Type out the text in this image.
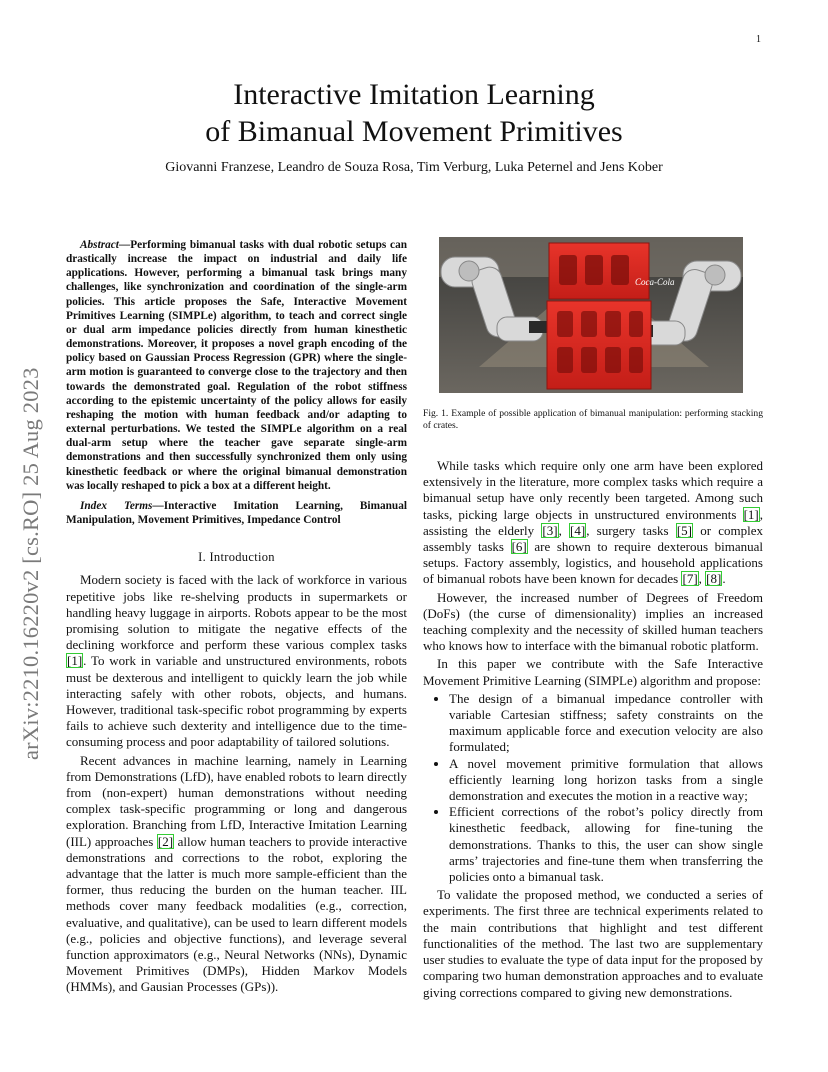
1
arXiv:2210.16220v2 [cs.RO] 25 Aug 2023
Interactive Imitation Learning
of Bimanual Movement Primitives
Giovanni Franzese, Leandro de Souza Rosa, Tim Verburg, Luka Peternel and Jens Kober

Abstract—Performing bimanual tasks with dual robotic setups can drastically increase the impact on industrial and daily life applications. However, performing a bimanual task brings many challenges, like synchronization and coordination of the single-arm policies. This article proposes the Safe, Interactive Movement Primitives Learning (SIMPLe) algorithm, to teach and correct single or dual arm impedance policies directly from human kinesthetic demonstrations. Moreover, it proposes a novel graph encoding of the policy based on Gaussian Process Regression (GPR) where the single-arm motion is guaranteed to converge close to the trajectory and then towards the demonstrated goal. Regulation of the robot stiffness according to the epistemic uncertainty of the policy allows for easily reshaping the motion with human feedback and/or adapting to external perturbations. We tested the SIMPLe algorithm on a real dual-arm setup where the teacher gave separate single-arm demonstrations and then successfully synchronized them only using kinesthetic feedback or where the original bimanual demonstration was locally reshaped to pick a box at a different height.

Index Terms—Interactive Imitation Learning, Bimanual Manipulation, Movement Primitives, Impedance Control

I. Introduction

Modern society is faced with the lack of workforce in various repetitive jobs like re-shelving products in supermarkets or handling heavy luggage in airports. Robots appear to be the most promising solution to mitigate the negative effects of the declining workforce and perform these various complex tasks [1]. To work in variable and unstructured environments, robots must be dexterous and intelligent to quickly learn the job while interacting safely with other robots, objects, and humans. However, traditional task-specific robot programming by experts fails to achieve such dexterity and intelligence due to the time-consuming process and poor adaptability of tailored solutions.

Recent advances in machine learning, namely in Learning from Demonstrations (LfD), have enabled robots to learn directly from (non-expert) human demonstrations without needing complex task-specific programming or long and dangerous exploration. Branching from LfD, Interactive Imitation Learning (IIL) approaches [2] allow human teachers to provide interactive demonstrations and corrections to the robot, exploring the advantage that the latter is much more sample-efficient than the former, thus reducing the burden on the human teacher. IIL methods cover many feedback modalities (e.g., correction, evaluative, and qualitative), can be used to learn different models (e.g., policies and objective functions), and leverage several function approximators (e.g., Neural Networks (NNs), Dynamic Movement Primitives (DMPs), Hidden Markov Models (HMMs), and Gausian Processes (GPs)).

Coca-Cola
Fig. 1. Example of possible application of bimanual manipulation: performing stacking of crates.

While tasks which require only one arm have been explored extensively in the literature, more complex tasks which require a bimanual setup have only recently been targeted. Among such tasks, picking large objects in unstructured environments [1], assisting the elderly [3], [4], surgery tasks [5] or complex assembly tasks [6] are shown to require dexterous bimanual setups. Factory assembly, logistics, and household applications of bimanual robots have been known for decades [7], [8].

However, the increased number of Degrees of Freedom (DoFs) (the curse of dimensionality) implies an increased teaching complexity and the necessity of skilled human teachers who knows how to interface with the bimanual robotic platform.

In this paper we contribute with the Safe Interactive Movement Primitive Learning (SIMPLe) algorithm and propose:

• The design of a bimanual impedance controller with variable Cartesian stiffness; safety constraints on the maximum applicable force and execution velocity are also formulated;
• A novel movement primitive formulation that allows efficiently learning long horizon tasks from a single demonstration and executes the motion in a reactive way;
• Efficient corrections of the robot’s policy directly from kinesthetic feedback, allowing for fine-tuning the demonstrations. Thanks to this, the user can show single arms’ trajectories and fine-tune them when transferring the policies onto a bimanual task.

To validate the proposed method, we conducted a series of experiments. The first three are technical experiments related to the main contributions that highlight and test different functionalities of the method. The last two are supplementary user studies to evaluate the type of data input for the proposed by comparing two human demonstration approaches and to evaluate giving corrections compared to giving new demonstrations.
